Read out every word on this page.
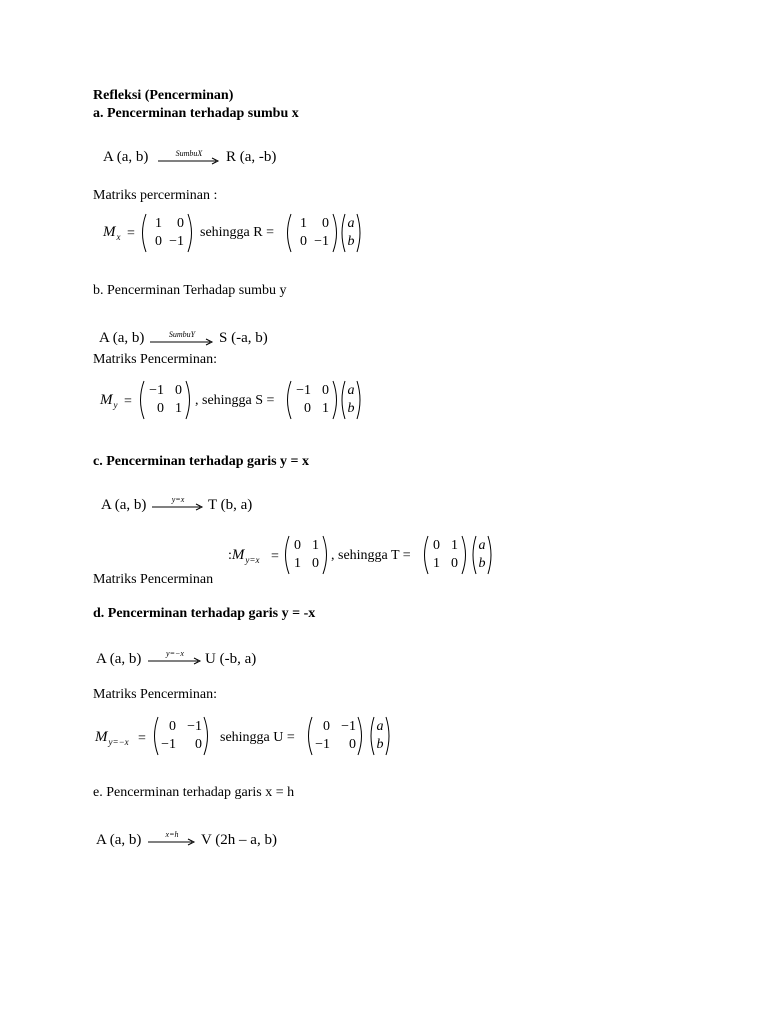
Refleksi (Pencerminan)
a. Pencerminan terhadap sumbu x
A (a, b)	SumbuX	R (a, -b)
Matriks percerminan :
$M_x$ =
1	0
0 −1
sehingga R =
1	0
0 −1
a
b
b. Pencerminan Terhadap sumbu y
A (a, b)	SumbuY	S (-a, b)
Matriks Pencerminan:
$M_y$ =
−1 0
0 1
, sehingga S =
−1 0
0 1
a
b
c. Pencerminan terhadap garis y = x
A (a, b)	y=x	T (b, a)
$:M_{y=x}$ =
0 1
1 0
, sehingga T =
0 1
1 0
a
b
Matriks Pencerminan
d. Pencerminan terhadap garis y = -x
A (a, b)	y=−x	U (-b, a)
Matriks Pencerminan:
$M_{y=-x}$ =
0 −1
−1	0 sehingga U =
0 −1
−1	0
a
b
e. Pencerminan terhadap garis x = h
A (a, b)	x=h	V (2h – a, b)
